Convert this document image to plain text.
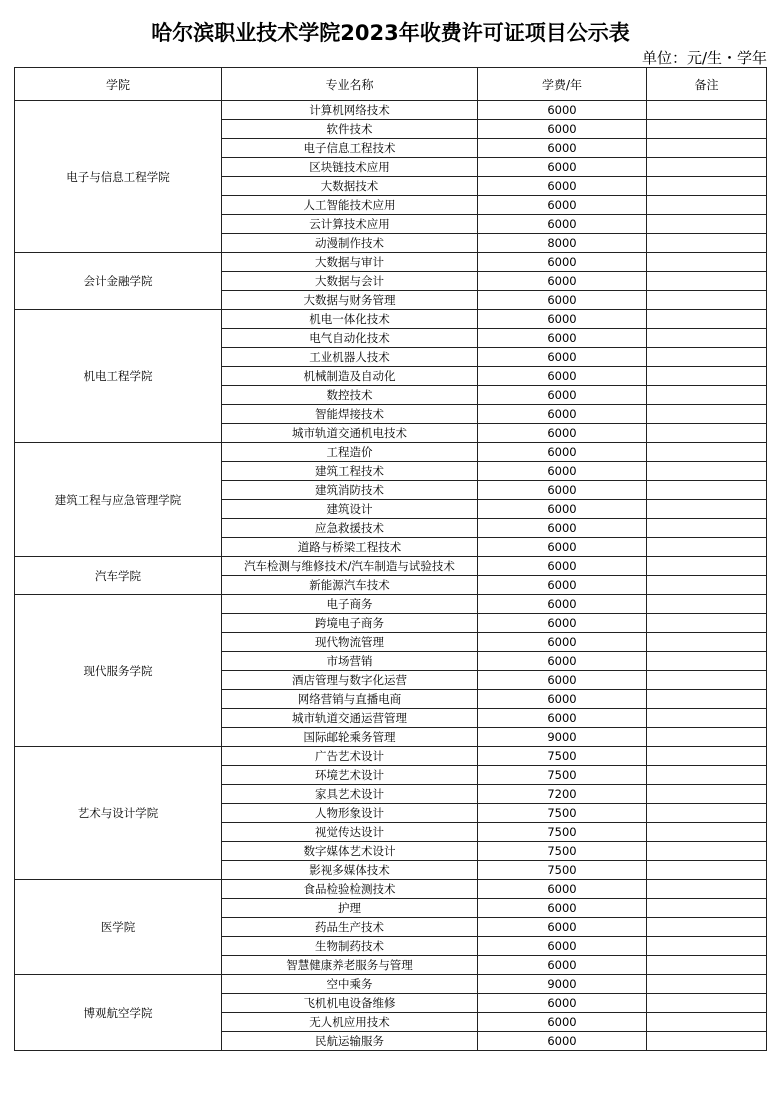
哈尔滨职业技术学院2023年收费许可证项目公示表
单位：元/生・学年
学院	专业名称	学费/年	备注
电子与信息工程学院	计算机网络技术	6000	
	软件技术	6000	
	电子信息工程技术	6000	
	区块链技术应用	6000	
	大数据技术	6000	
	人工智能技术应用	6000	
	云计算技术应用	6000	
	动漫制作技术	8000	
会计金融学院	大数据与审计	6000	
	大数据与会计	6000	
	大数据与财务管理	6000	
机电工程学院	机电一体化技术	6000	
	电气自动化技术	6000	
	工业机器人技术	6000	
	机械制造及自动化	6000	
	数控技术	6000	
	智能焊接技术	6000	
	城市轨道交通机电技术	6000	
建筑工程与应急管理学院	工程造价	6000	
	建筑工程技术	6000	
	建筑消防技术	6000	
	建筑设计	6000	
	应急救援技术	6000	
	道路与桥梁工程技术	6000	
汽车学院	汽车检测与维修技术/汽车制造与试验技术	6000	
	新能源汽车技术	6000	
现代服务学院	电子商务	6000	
	跨境电子商务	6000	
	现代物流管理	6000	
	市场营销	6000	
	酒店管理与数字化运营	6000	
	网络营销与直播电商	6000	
	城市轨道交通运营管理	6000	
	国际邮轮乘务管理	9000	
艺术与设计学院	广告艺术设计	7500	
	环境艺术设计	7500	
	家具艺术设计	7200	
	人物形象设计	7500	
	视觉传达设计	7500	
	数字媒体艺术设计	7500	
	影视多媒体技术	7500	
医学院	食品检验检测技术	6000	
	护理	6000	
	药品生产技术	6000	
	生物制药技术	6000	
	智慧健康养老服务与管理	6000	
博观航空学院	空中乘务	9000	
	飞机机电设备维修	6000	
	无人机应用技术	6000	
	民航运输服务	6000	
